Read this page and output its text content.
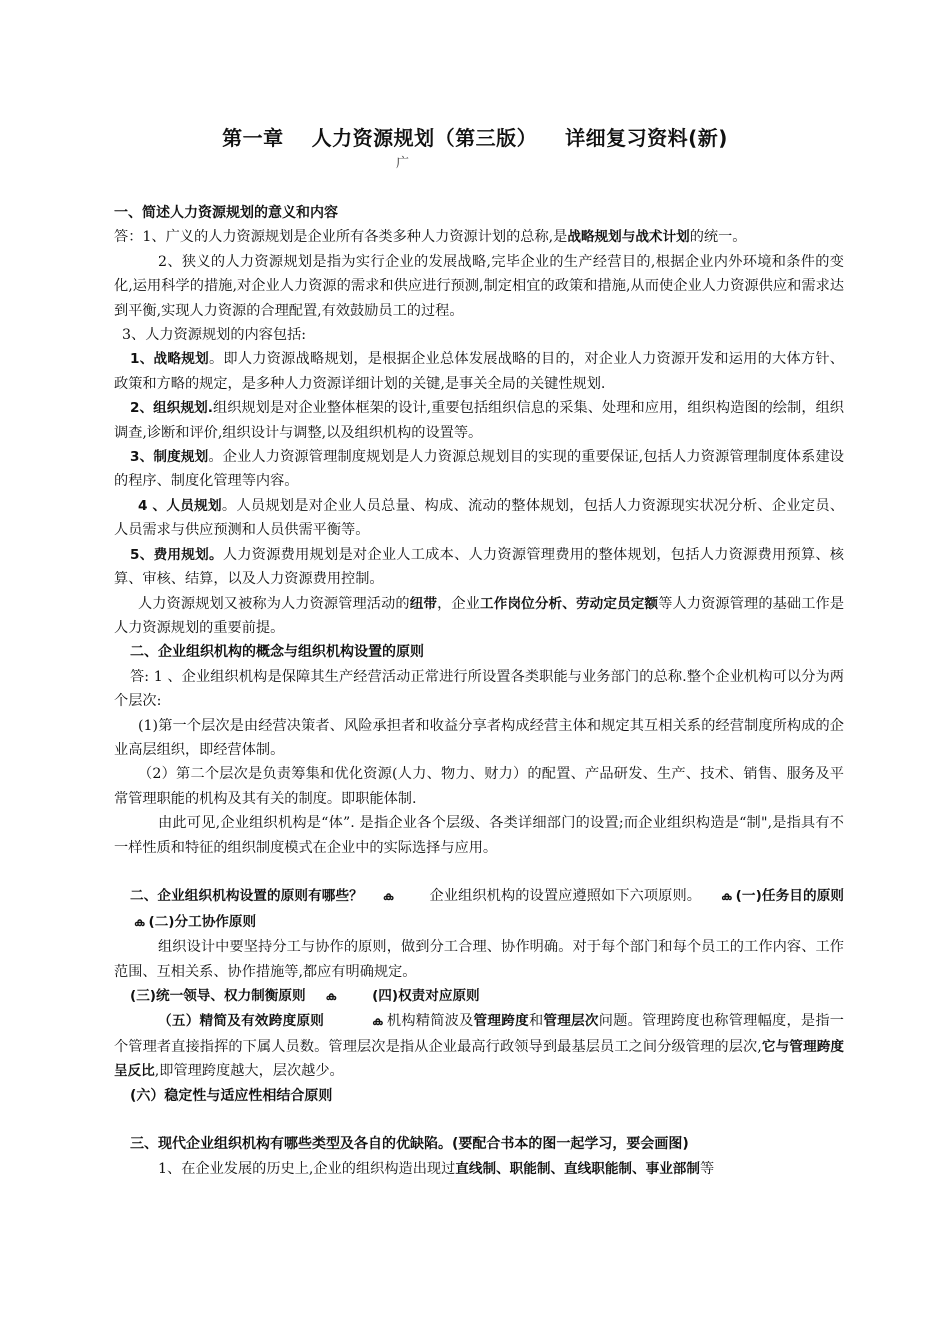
第一章 人力资源规划（第三版） 详细复习资料(新)
广

一、简述人力资源规划的意义和内容

答：1、广义的人力资源规划是企业所有各类多种人力资源计划的总称,是战略规划与战术计划的统一。

2、狭义的人力资源规划是指为实行企业的发展战略,完毕企业的生产经营目的,根据企业内外环境和条件的变化,运用科学的措施,对企业人力资源的需求和供应进行预测,制定相宜的政策和措施,从而使企业人力资源供应和需求达到平衡,实现人力资源的合理配置,有效鼓励员工的过程。

3、人力资源规划的内容包括:

1、战略规划。即人力资源战略规划，是根据企业总体发展战略的目的，对企业人力资源开发和运用的大体方针、政策和方略的规定，是多种人力资源详细计划的关键,是事关全局的关键性规划.

2、组织规划.组织规划是对企业整体框架的设计,重要包括组织信息的采集、处理和应用，组织构造图的绘制，组织调查,诊断和评价,组织设计与调整,以及组织机构的设置等。

3、制度规划。企业人力资源管理制度规划是人力资源总规划目的实现的重要保证,包括人力资源管理制度体系建设的程序、制度化管理等内容。

4 、人员规划。人员规划是对企业人员总量、构成、流动的整体规划，包括人力资源现实状况分析、企业定员、人员需求与供应预测和人员供需平衡等。

5、费用规划。人力资源费用规划是对企业人工成本、人力资源管理费用的整体规划，包括人力资源费用预算、核算、审核、结算，以及人力资源费用控制。

人力资源规划又被称为人力资源管理活动的纽带，企业工作岗位分析、劳动定员定额等人力资源管理的基础工作是人力资源规划的重要前提。

二、企业组织机构的概念与组织机构设置的原则

答: 1 、企业组织机构是保障其生产经营活动正常进行所设置各类职能与业务部门的总称.整个企业机构可以分为两个层次:

(1)第一个层次是由经营决策者、风险承担者和收益分享者构成经营主体和规定其互相关系的经营制度所构成的企业高层组织，即经营体制。

（2）第二个层次是负责筹集和优化资源(人力、物力、财力）的配置、产品研发、生产、技术、销售、服务及平常管理职能的机构及其有关的制度。即职能体制.

由此可见,企业组织机构是“体”. 是指企业各个层级、各类详细部门的设置;而企业组织构造是“制",是指具有不一样性质和特征的组织制度模式在企业中的实际选择与应用。

二、企业组织机构设置的原则有哪些？ ക	企业组织机构的设置应遵照如下六项原则。 ക (一)任务目的原则ക (二)分工协作原则

组织设计中要坚持分工与协作的原则，做到分工合理、协作明确。对于每个部门和每个员工的工作内容、工作范围、互相关系、协作措施等,都应有明确规定。

(三)统一领导、权力制衡原则 ക	(四)权责对应原则

（五）精简及有效跨度原则	ക 机构精简波及管理跨度和管理层次问题。管理跨度也称管理幅度，是指一个管理者直接指挥的下属人员数。管理层次是指从企业最高行政领导到最基层员工之间分级管理的层次,它与管理跨度呈反比,即管理跨度越大，层次越少。

(六）稳定性与适应性相结合原则

三、现代企业组织机构有哪些类型及各自的优缺陷。(要配合书本的图一起学习，要会画图)

1、在企业发展的历史上,企业的组织构造出现过直线制、职能制、直线职能制、事业部制等
